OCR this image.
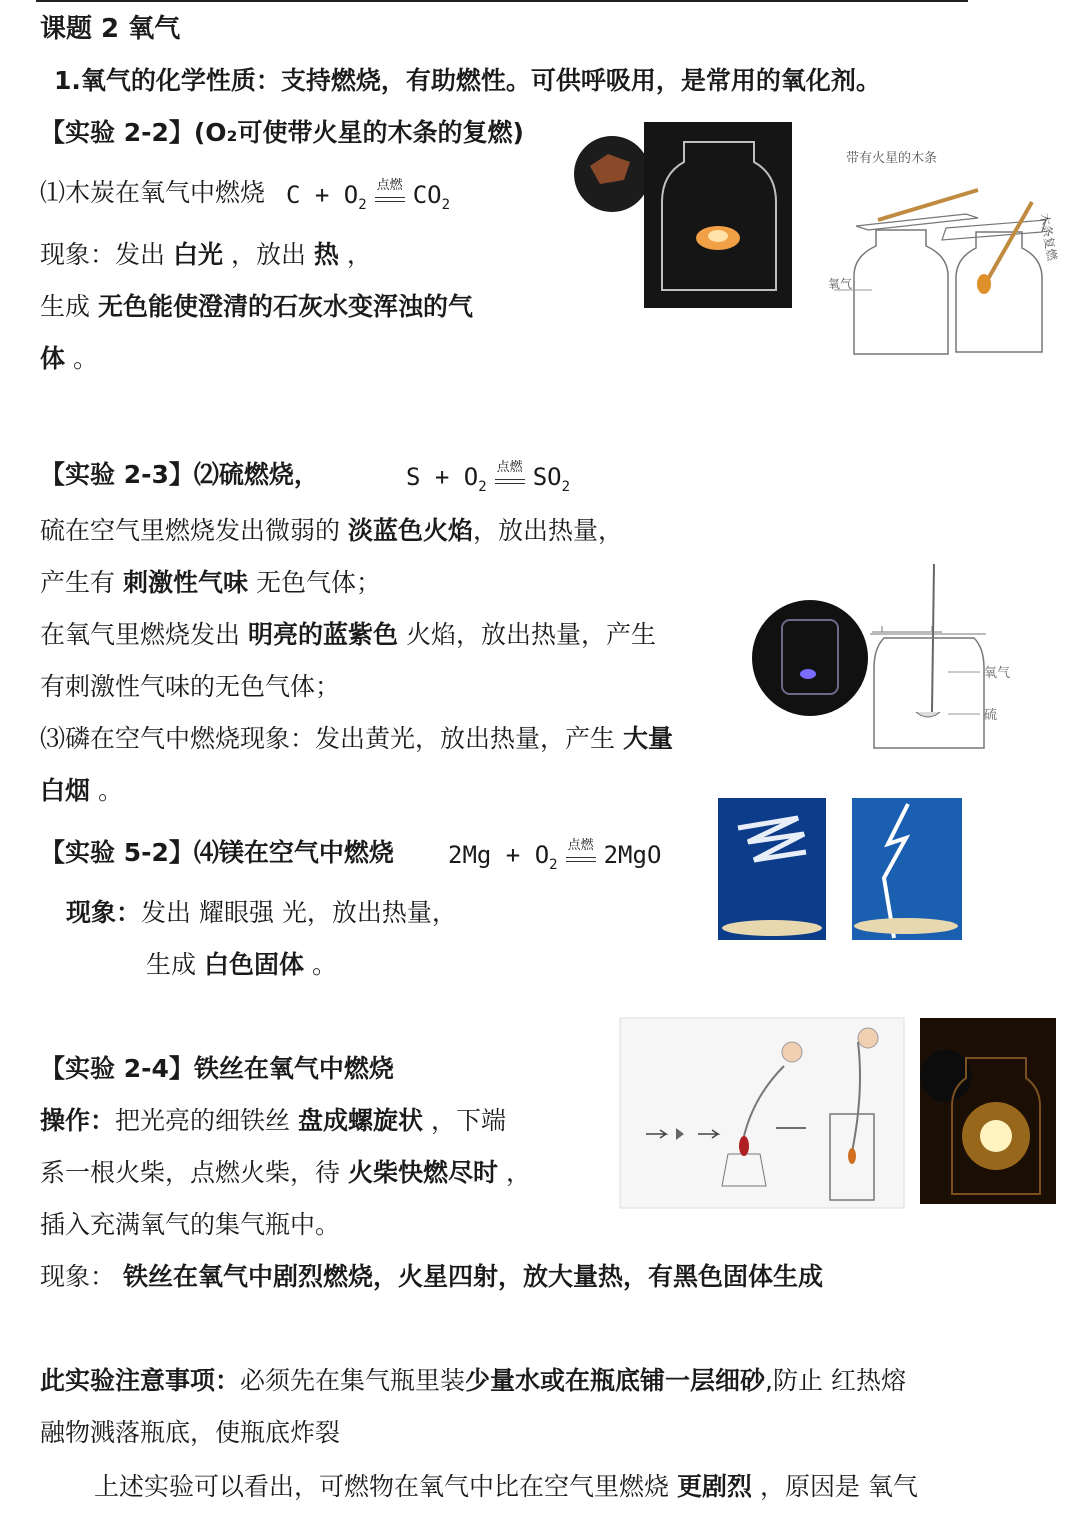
课题 2 氧气
1.氧气的化学性质：支持燃烧，有助燃性。可供呼吸用，是常用的氧化剂。
【实验 2-2】(O₂可使带火星的木条的复燃)
⑴木炭在氧气中燃烧 $C + O_2$
点燃 $CO_2$
现象：发出 白光 ，放出 热 ，
生成 无色能使澄清的石灰水变浑浊的气
体 。
带有火星的木条
氧气
木条复燃
【实验 2-3】⑵硫燃烧，	$S + O_2$
点燃 $SO_2$
硫在空气里燃烧发出微弱的 淡蓝色火焰，放出热量，
产生有 刺激性气味 无色气体；
在氧气里燃烧发出 明亮的蓝紫色 火焰，放出热量，产生
有刺激性气味的无色气体；
⑶磷在空气中燃烧现象：发出黄光，放出热量，产生 大量
白烟 。
氧气
硫
【实验 5-2】⑷镁在空气中燃烧 $2Mg + O_2$
点燃 2MgO
现象：发出 耀眼强 光，放出热量，
生成 白色固体 。
【实验 2-4】铁丝在氧气中燃烧
操作：把光亮的细铁丝 盘成螺旋状 ，下端
系一根火柴，点燃火柴，待 火柴快燃尽时 ，
插入充满氧气的集气瓶中。
现象： 铁丝在氧气中剧烈燃烧，火星四射，放大量热，有黑色固体生成
此实验注意事项：必须先在集气瓶里装少量水或在瓶底铺一层细砂,防止 红热熔
融物溅落瓶底，使瓶底炸裂
上述实验可以看出，可燃物在氧气中比在空气里燃烧 更剧烈 ，原因是 氧气
